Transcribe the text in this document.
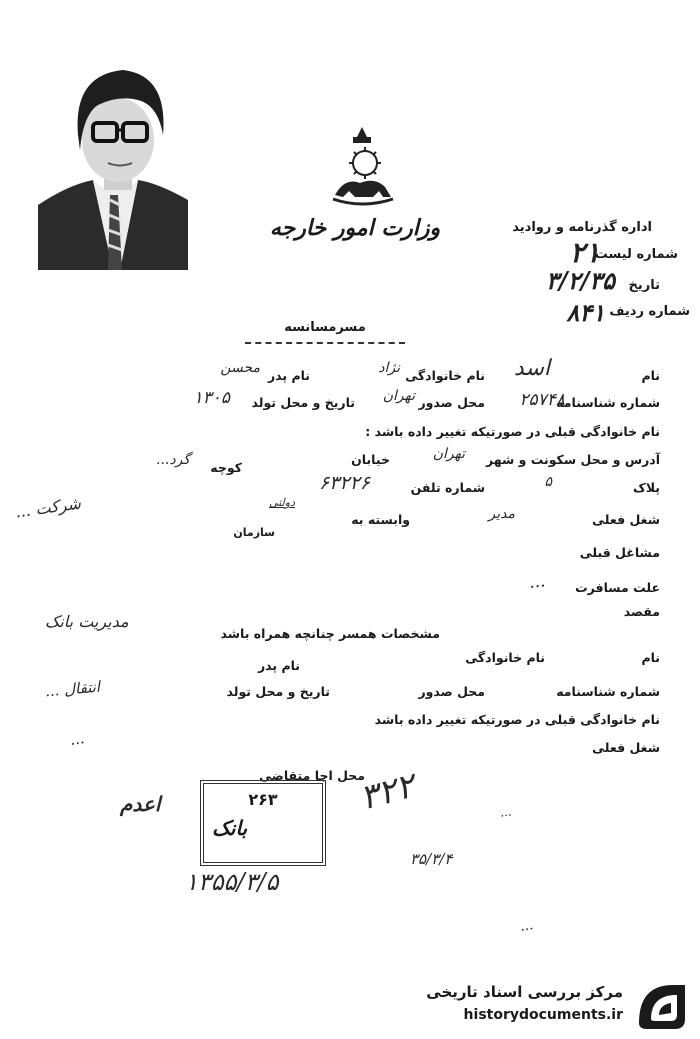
وزارت امور خارجه	اداره گذرنامه و روادید
شماره لیست
۲۱
تاریخ
۳/۲/۳۵
شماره ردیف
۸۴۱
مسرمسانسه
نام
اسد
نام خانوادگی
نژاد
نام پدر
محسن
شماره شناسنامه
۲۵۷۴۸
محل صدور
تهران
تاریخ و محل تولد
۱۳۰۵
نام خانوادگی قبلی در صورتیکه تغییر داده باشد :
آدرس و محل سکونت و شهر
تهران
خیابان
کوچه
گرد...
پلاک
۵
شماره تلفن
۶۳۲۲۶
شغل فعلی
مدیر
وابسته به
دولتی
سازمان
شرکت ...
مشاغل قبلی
علت مسافرت
...
مقصد
مشخصات همسر چنانچه همراه باشد
نام
نام خانوادگی
نام پدر
مدیریت بانک
شماره شناسنامه
محل صدور
تاریخ و محل تولد
نام خانوادگی قبلی در صورتیکه تغییر داده باشد
شغل فعلی
انتقال ...
...
محل اجا متقاضی
۲۶۳
بانک
اعدم
۱۳۵۵/۳/۵
۳۲۲
۳۵/۳/۴
...
...
مرکز بررسی اسناد تاریخی
historydocuments.ir
